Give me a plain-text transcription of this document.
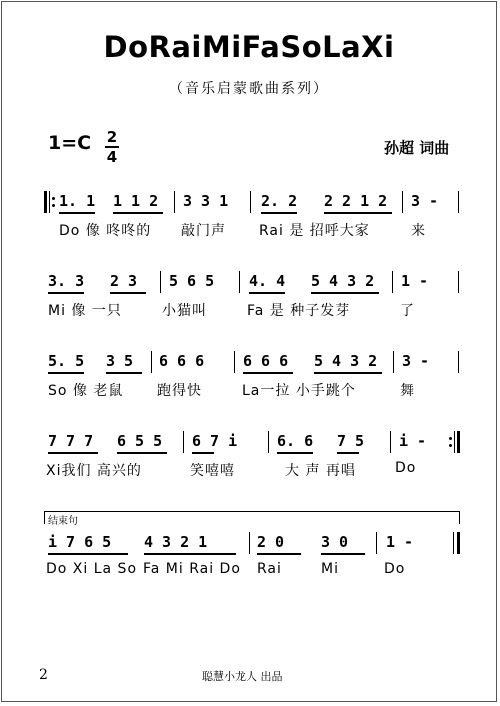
DoRaiMiFaSoLaXi
（音乐启蒙歌曲系列）
1=C 2
4	孙超 词曲
1. 1 1 1 2 3 3 1 2. 2 2 2 1 2 3 -
Do 像 咚咚的 敲门声 Rai 是 招呼大家	来
3. 3 2 3 5 6 5 4. 4 5 4 3 2 1 -
Mi 像 一只	小猫叫	Fa 是 种子发芽	了
5. 5 3 5 6 6 6	6 6 6 5 4 3 2 3 -
So 像 老鼠 跑得快	La一拉 小手跳个	舞
7 7 7 6 5 5 6 7 i	6. 6 7 5 i -
Xi我们 高兴的	笑嘻嘻	大 声 再唱	Do
结束句
i 7 6 5 4 3 2 1	2 0 3 0	1 -
Do Xi La So Fa Mi Rai Do Rai	Mi	Do
2	聪慧小龙人 出品
